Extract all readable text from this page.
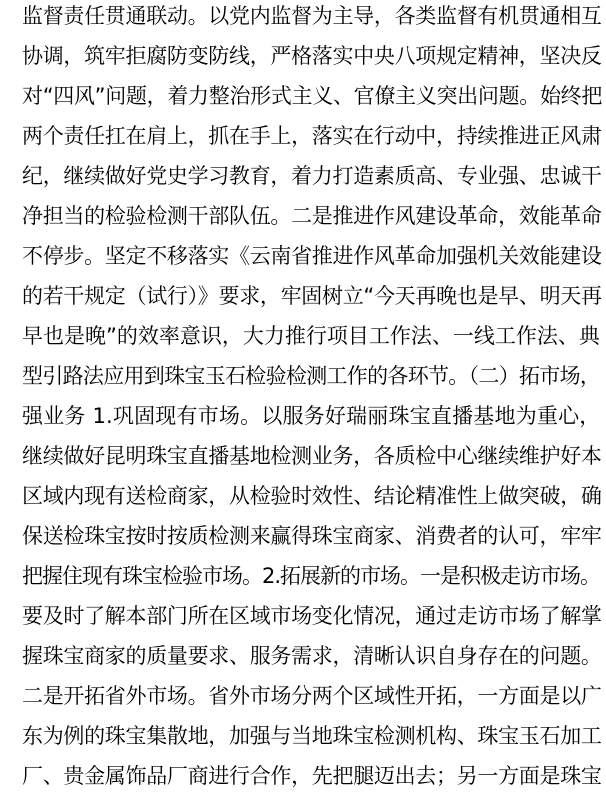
监督责任贯通联动。以党内监督为主导，各类监督有机贯通相互
协调，筑牢拒腐防变防线，严格落实中央八项规定精神，坚决反
对“四风”问题，着力整治形式主义、官僚主义突出问题。始终把
两个责任扛在肩上，抓在手上，落实在行动中，持续推进正风肃
纪，继续做好党史学习教育，着力打造素质高、专业强、忠诚干
净担当的检验检测干部队伍。二是推进作风建设革命，效能革命
不停步。坚定不移落实《云南省推进作风革命加强机关效能建设
的若干规定（试行）》要求，牢固树立“今天再晚也是早、明天再
早也是晚”的效率意识，大力推行项目工作法、一线工作法、典
型引路法应用到珠宝玉石检验检测工作的各环节。（二）拓市场，
强业务 1.巩固现有市场。以服务好瑞丽珠宝直播基地为重心，
继续做好昆明珠宝直播基地检测业务，各质检中心继续维护好本
区域内现有送检商家，从检验时效性、结论精准性上做突破，确
保送检珠宝按时按质检测来赢得珠宝商家、消费者的认可，牢牢
把握住现有珠宝检验市场。2.拓展新的市场。一是积极走访市场。
要及时了解本部门所在区域市场变化情况，通过走访市场了解掌
握珠宝商家的质量要求、服务需求，清晰认识自身存在的问题。
二是开拓省外市场。省外市场分两个区域性开拓，一方面是以广
东为例的珠宝集散地，加强与当地珠宝检测机构、珠宝玉石加工
厂、贵金属饰品厂商进行合作，先把腿迈出去；另一方面是珠宝
